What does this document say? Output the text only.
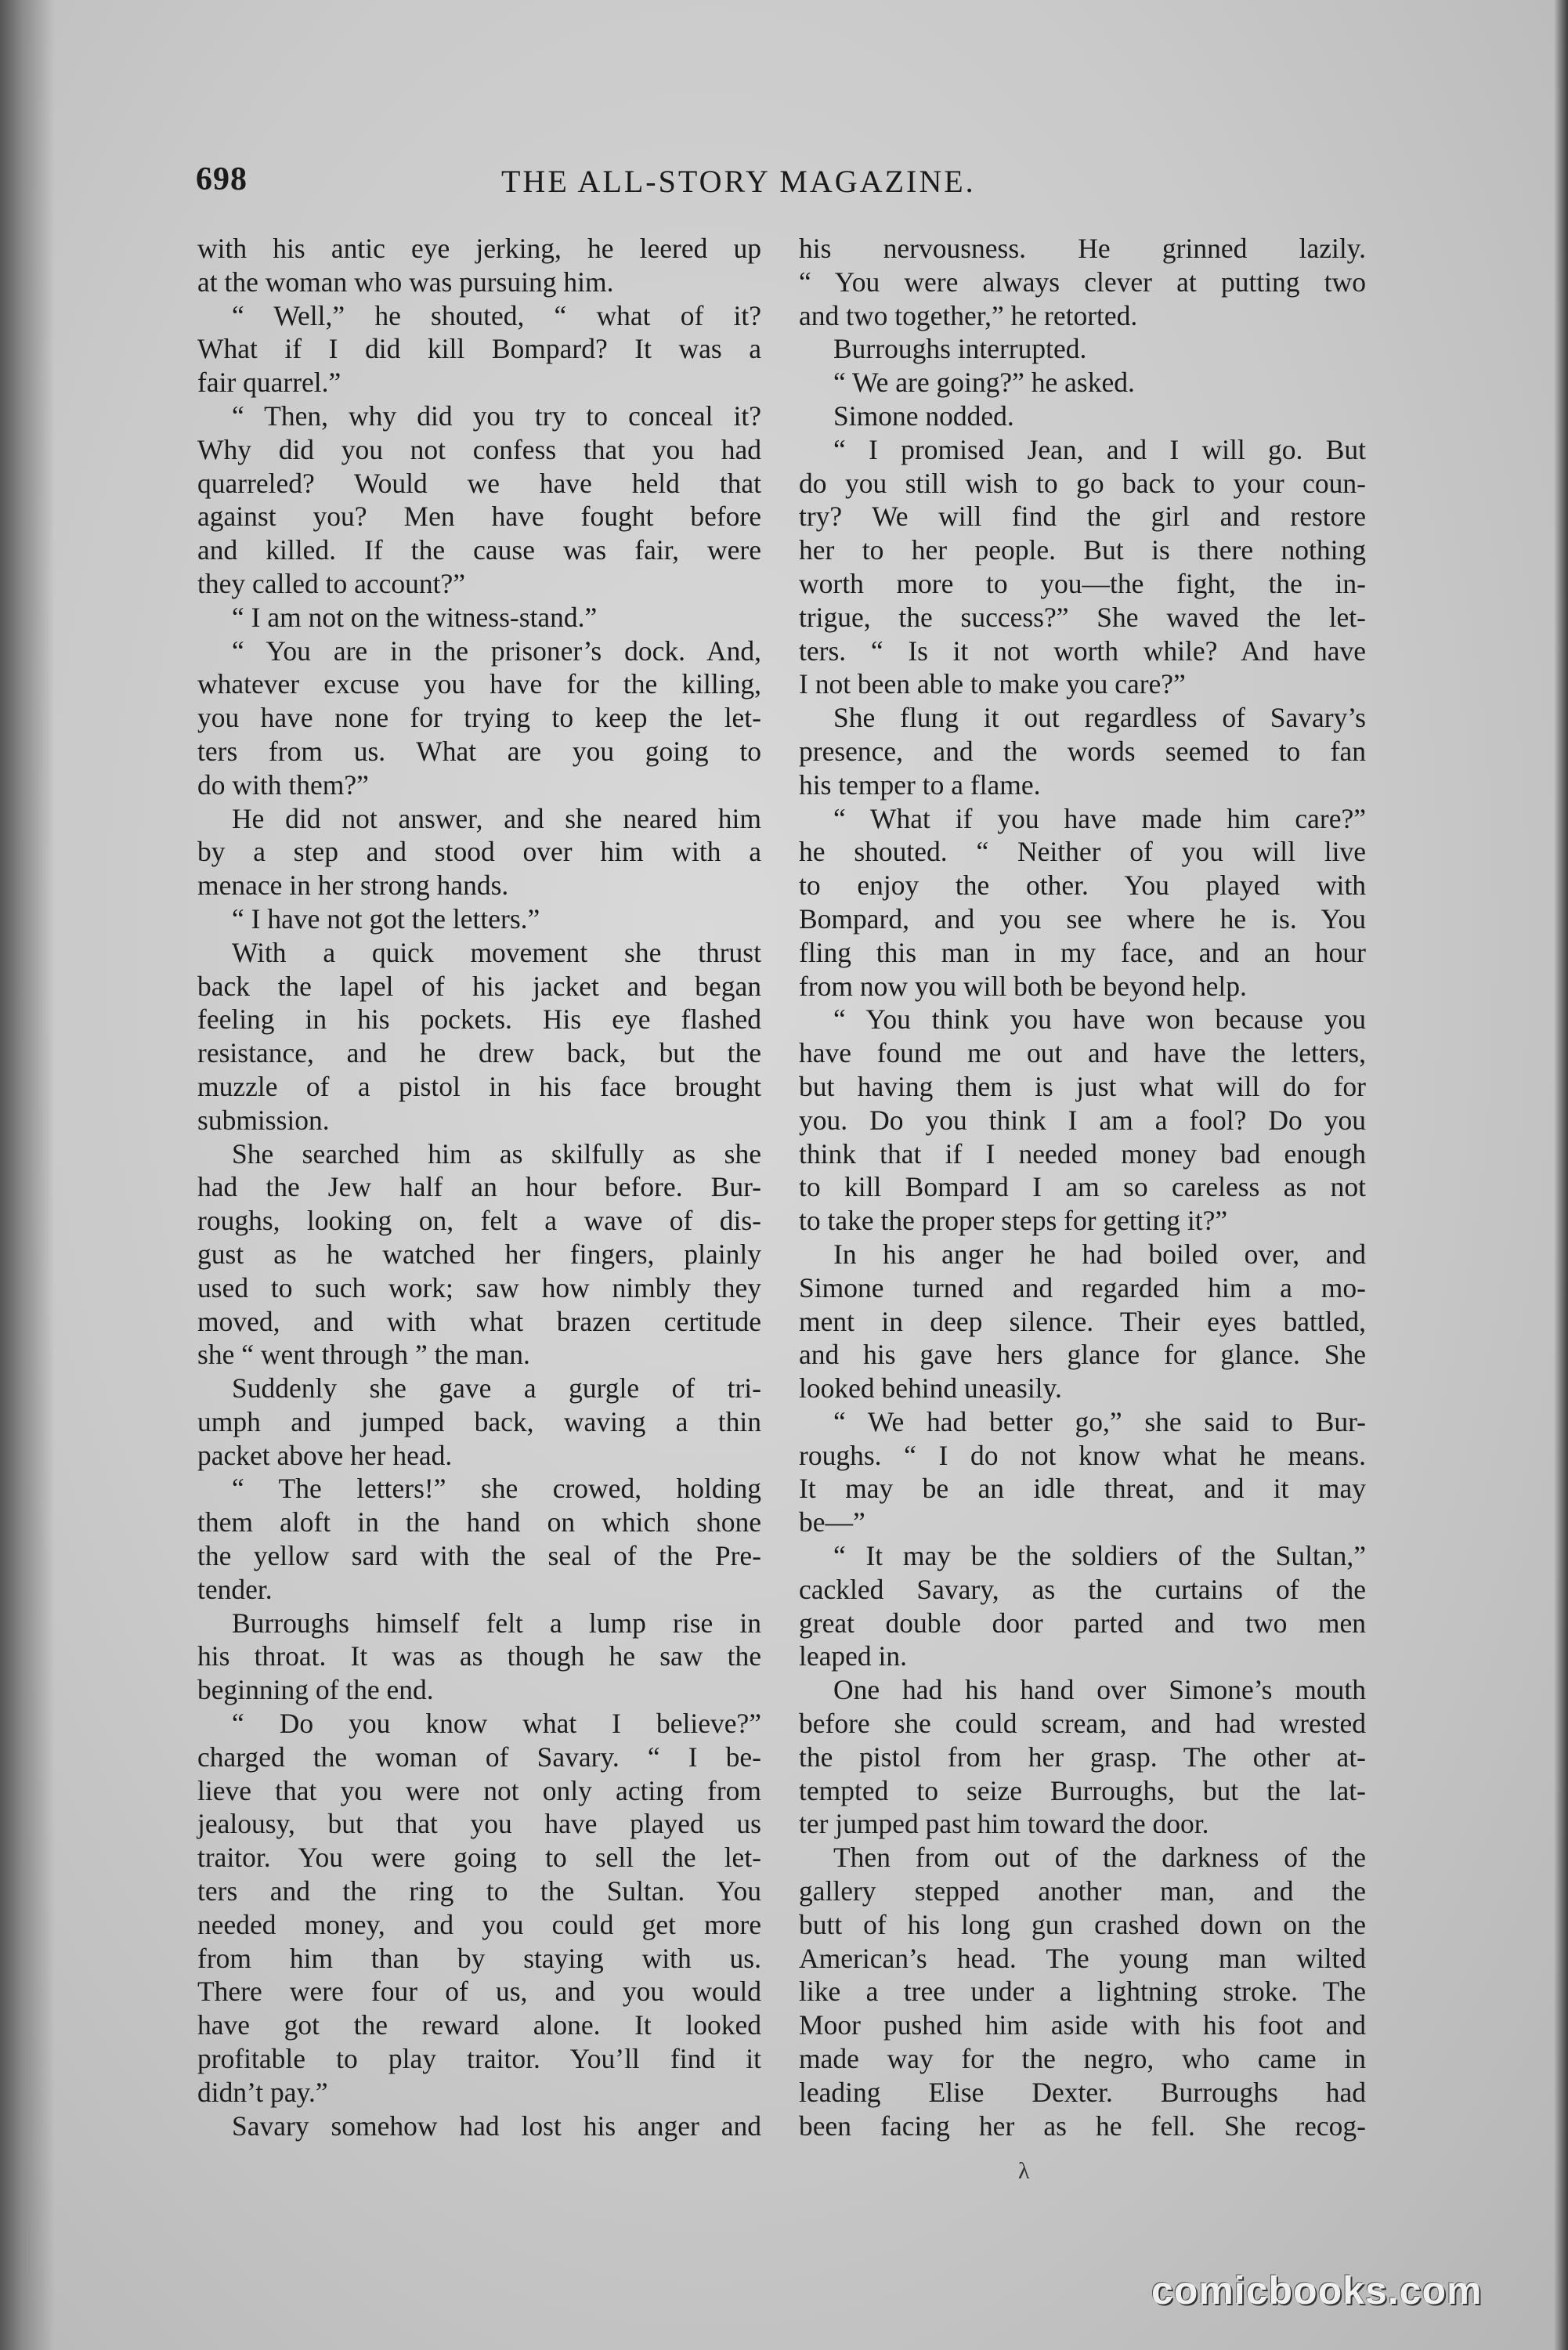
698	THE ALL-STORY MAGAZINE.
with his antic eye jerking, he leered up
at the woman who was pursuing him.
“ Well,” he shouted, “ what of it?
What if I did kill Bompard? It was a
fair quarrel.”
“ Then, why did you try to conceal it?
Why did you not confess that you had
quarreled? Would we have held that
against you? Men have fought before
and killed. If the cause was fair, were
they called to account?”
“ I am not on the witness-stand.”
“ You are in the prisoner’s dock. And,
whatever excuse you have for the killing,
you have none for trying to keep the let-
ters from us. What are you going to
do with them?”
He did not answer, and she neared him
by a step and stood over him with a
menace in her strong hands.
“ I have not got the letters.”
With a quick movement she thrust
back the lapel of his jacket and began
feeling in his pockets. His eye flashed
resistance, and he drew back, but the
muzzle of a pistol in his face brought
submission.
She searched him as skilfully as she
had the Jew half an hour before. Bur-
roughs, looking on, felt a wave of dis-
gust as he watched her fingers, plainly
used to such work; saw how nimbly they
moved, and with what brazen certitude
she “ went through ” the man.
Suddenly she gave a gurgle of tri-
umph and jumped back, waving a thin
packet above her head.
“ The letters!” she crowed, holding
them aloft in the hand on which shone
the yellow sard with the seal of the Pre-
tender.
Burroughs himself felt a lump rise in
his throat. It was as though he saw the
beginning of the end.
“ Do you know what I believe?”
charged the woman of Savary. “ I be-
lieve that you were not only acting from
jealousy, but that you have played us
traitor. You were going to sell the let-
ters and the ring to the Sultan. You
needed money, and you could get more
from him than by staying with us.
There were four of us, and you would
have got the reward alone. It looked
profitable to play traitor. You’ll find it
didn’t pay.”
Savary somehow had lost his anger and
his nervousness. He grinned lazily.
“ You were always clever at putting two
and two together,” he retorted.
Burroughs interrupted.
“ We are going?” he asked.
Simone nodded.
“ I promised Jean, and I will go. But
do you still wish to go back to your coun-
try? We will find the girl and restore
her to her people. But is there nothing
worth more to you—the fight, the in-
trigue, the success?” She waved the let-
ters. “ Is it not worth while? And have
I not been able to make you care?”
She flung it out regardless of Savary’s
presence, and the words seemed to fan
his temper to a flame.
“ What if you have made him care?”
he shouted. “ Neither of you will live
to enjoy the other. You played with
Bompard, and you see where he is. You
fling this man in my face, and an hour
from now you will both be beyond help.
“ You think you have won because you
have found me out and have the letters,
but having them is just what will do for
you. Do you think I am a fool? Do you
think that if I needed money bad enough
to kill Bompard I am so careless as not
to take the proper steps for getting it?”
In his anger he had boiled over, and
Simone turned and regarded him a mo-
ment in deep silence. Their eyes battled,
and his gave hers glance for glance. She
looked behind uneasily.
“ We had better go,” she said to Bur-
roughs. “ I do not know what he means.
It may be an idle threat, and it may
be—”
“ It may be the soldiers of the Sultan,”
cackled Savary, as the curtains of the
great double door parted and two men
leaped in.
One had his hand over Simone’s mouth
before she could scream, and had wrested
the pistol from her grasp. The other at-
tempted to seize Burroughs, but the lat-
ter jumped past him toward the door.
Then from out of the darkness of the
gallery stepped another man, and the
butt of his long gun crashed down on the
American’s head. The young man wilted
like a tree under a lightning stroke. The
Moor pushed him aside with his foot and
made way for the negro, who came in
leading Elise Dexter. Burroughs had
been facing her as he fell. She recog-
λ
comicbooks.com
